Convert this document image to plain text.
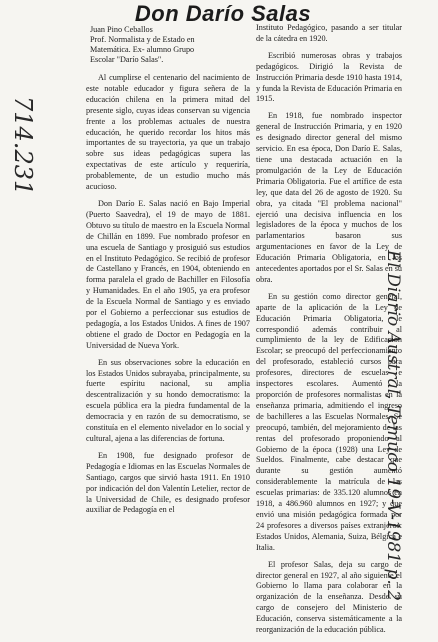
Don Darío Salas
714.231
El Diario Austral, Temuco 19-V-1981 p. 2
Juan Pino Ceballos
Prof. Normalista y de Estado en
Matemática. Ex- alumno Grupo
Escolar "Darío Salas".

Al cumplirse el centenario del nacimiento de este notable educador y figura señera de la educación chilena en la primera mitad del presente siglo, cuyas ideas conservan su vigencia frente a los problemas actuales de nuestra educación, he querido recordar los hitos más importantes de su trayectoria, ya que un trabajo sobre sus ideas pedagógicas supera las expectativas de este artículo y requeriría, probablemente, de un estudio mucho más acucioso.

Don Darío E. Salas nació en Bajo Imperial (Puerto Saavedra), el 19 de mayo de 1881. Obtuvo su título de maestro en la Escuela Normal de Chillán en 1899. Fue nombrado profesor en una escuela de Santiago y prosiguió sus estudios en el Instituto Pedagógico. Se recibió de profesor de Castellano y Francés, en 1904, obteniendo en forma paralela el grado de Bachiller en Filosofía y Humanidades. En el año 1905, ya era profesor de la Escuela Normal de Santiago y es enviado por el Gobierno a perfeccionar sus estudios de pedagogía, a los Estados Unidos. A fines de 1907 obtiene el grado de Doctor en Pedagogía en la Universidad de Nueva York.

En sus observaciones sobre la educación en los Estados Unidos subrayaba, principalmente, su fuerte espíritu nacional, su amplia descentralización y su hondo democratismo: la escuela pública era la piedra fundamental de la democracia y en razón de su democratismo, se constituía en el elemento nivelador en lo social y cultural, ajena a las diferencias de fortuna.

En 1908, fue designado profesor de Pedagogía e Idiomas en las Escuelas Normales de Santiago, cargos que sirvió hasta 1911. En 1910 por indicación del don Valentín Letelier, rector de la Universidad de Chile, es designado profesor auxiliar de Pedagogía en el

Instituto Pedagógico, pasando a ser titular de la cátedra en 1920.

Escribió numerosas obras y trabajos pedagógicos. Dirigió la Revista de Instrucción Primaria desde 1910 hasta 1914, y funda la Revista de Educación Primaria en 1915.

En 1918, fue nombrado inspector general de Instrucción Primaria, y en 1920 es designado director general del mismo servicio. En esa época, Don Darío E. Salas, tiene una destacada actuación en la promulgación de la Ley de Educación Primaria Obligatoria. Fue el artífice de esta ley, que data del 26 de agosto de 1920. Su obra, ya citada "El problema nacional" ejerció una decisiva influencia en los legisladores de la época y muchos de los parlamentarios basaron sus argumentaciones en favor de la Ley de Educación Primaria Obligatoria, en los antecedentes aportados por el Sr. Salas en su obra.

En su gestión como director general, aparte de la aplicación de la Ley de Educación Primaria Obligatoria, le correspondió además contribuir al cumplimiento de la ley de Edificación Escolar; se preocupó del perfeccionamiento del profesorado, estableció cursos para profesores, directores de escuelas e inspectores escolares. Aumentó la proporción de profesores normalistas en la enseñanza primaria, admitiendo el ingreso de bachilleres a las Escuelas Normales. Se preocupó, también, del mejoramiento de las rentas del profesorado proponiendo al Gobierno de la época (1928) una Ley de Sueldos. Finalmente, cabe destacar que durante su gestión aumentó considerablemente la matrícula de las escuelas primarias: de 335.120 alumnos en 1918, a 486.960 alumnos en 1927; y que envió una misión pedagógica formada por 24 profesores a diversos países extranjeros: Estados Unidos, Alemania, Suiza, Bélgica e Italia.

El profesor Salas, deja su cargo de director general en 1927, al año siguiente el Gobierno lo llama para colaborar en la organización de la enseñanza. Desde su cargo de consejero del Ministerio de Educación, conserva sistemáticamente a la reorganización de la educación pública.
